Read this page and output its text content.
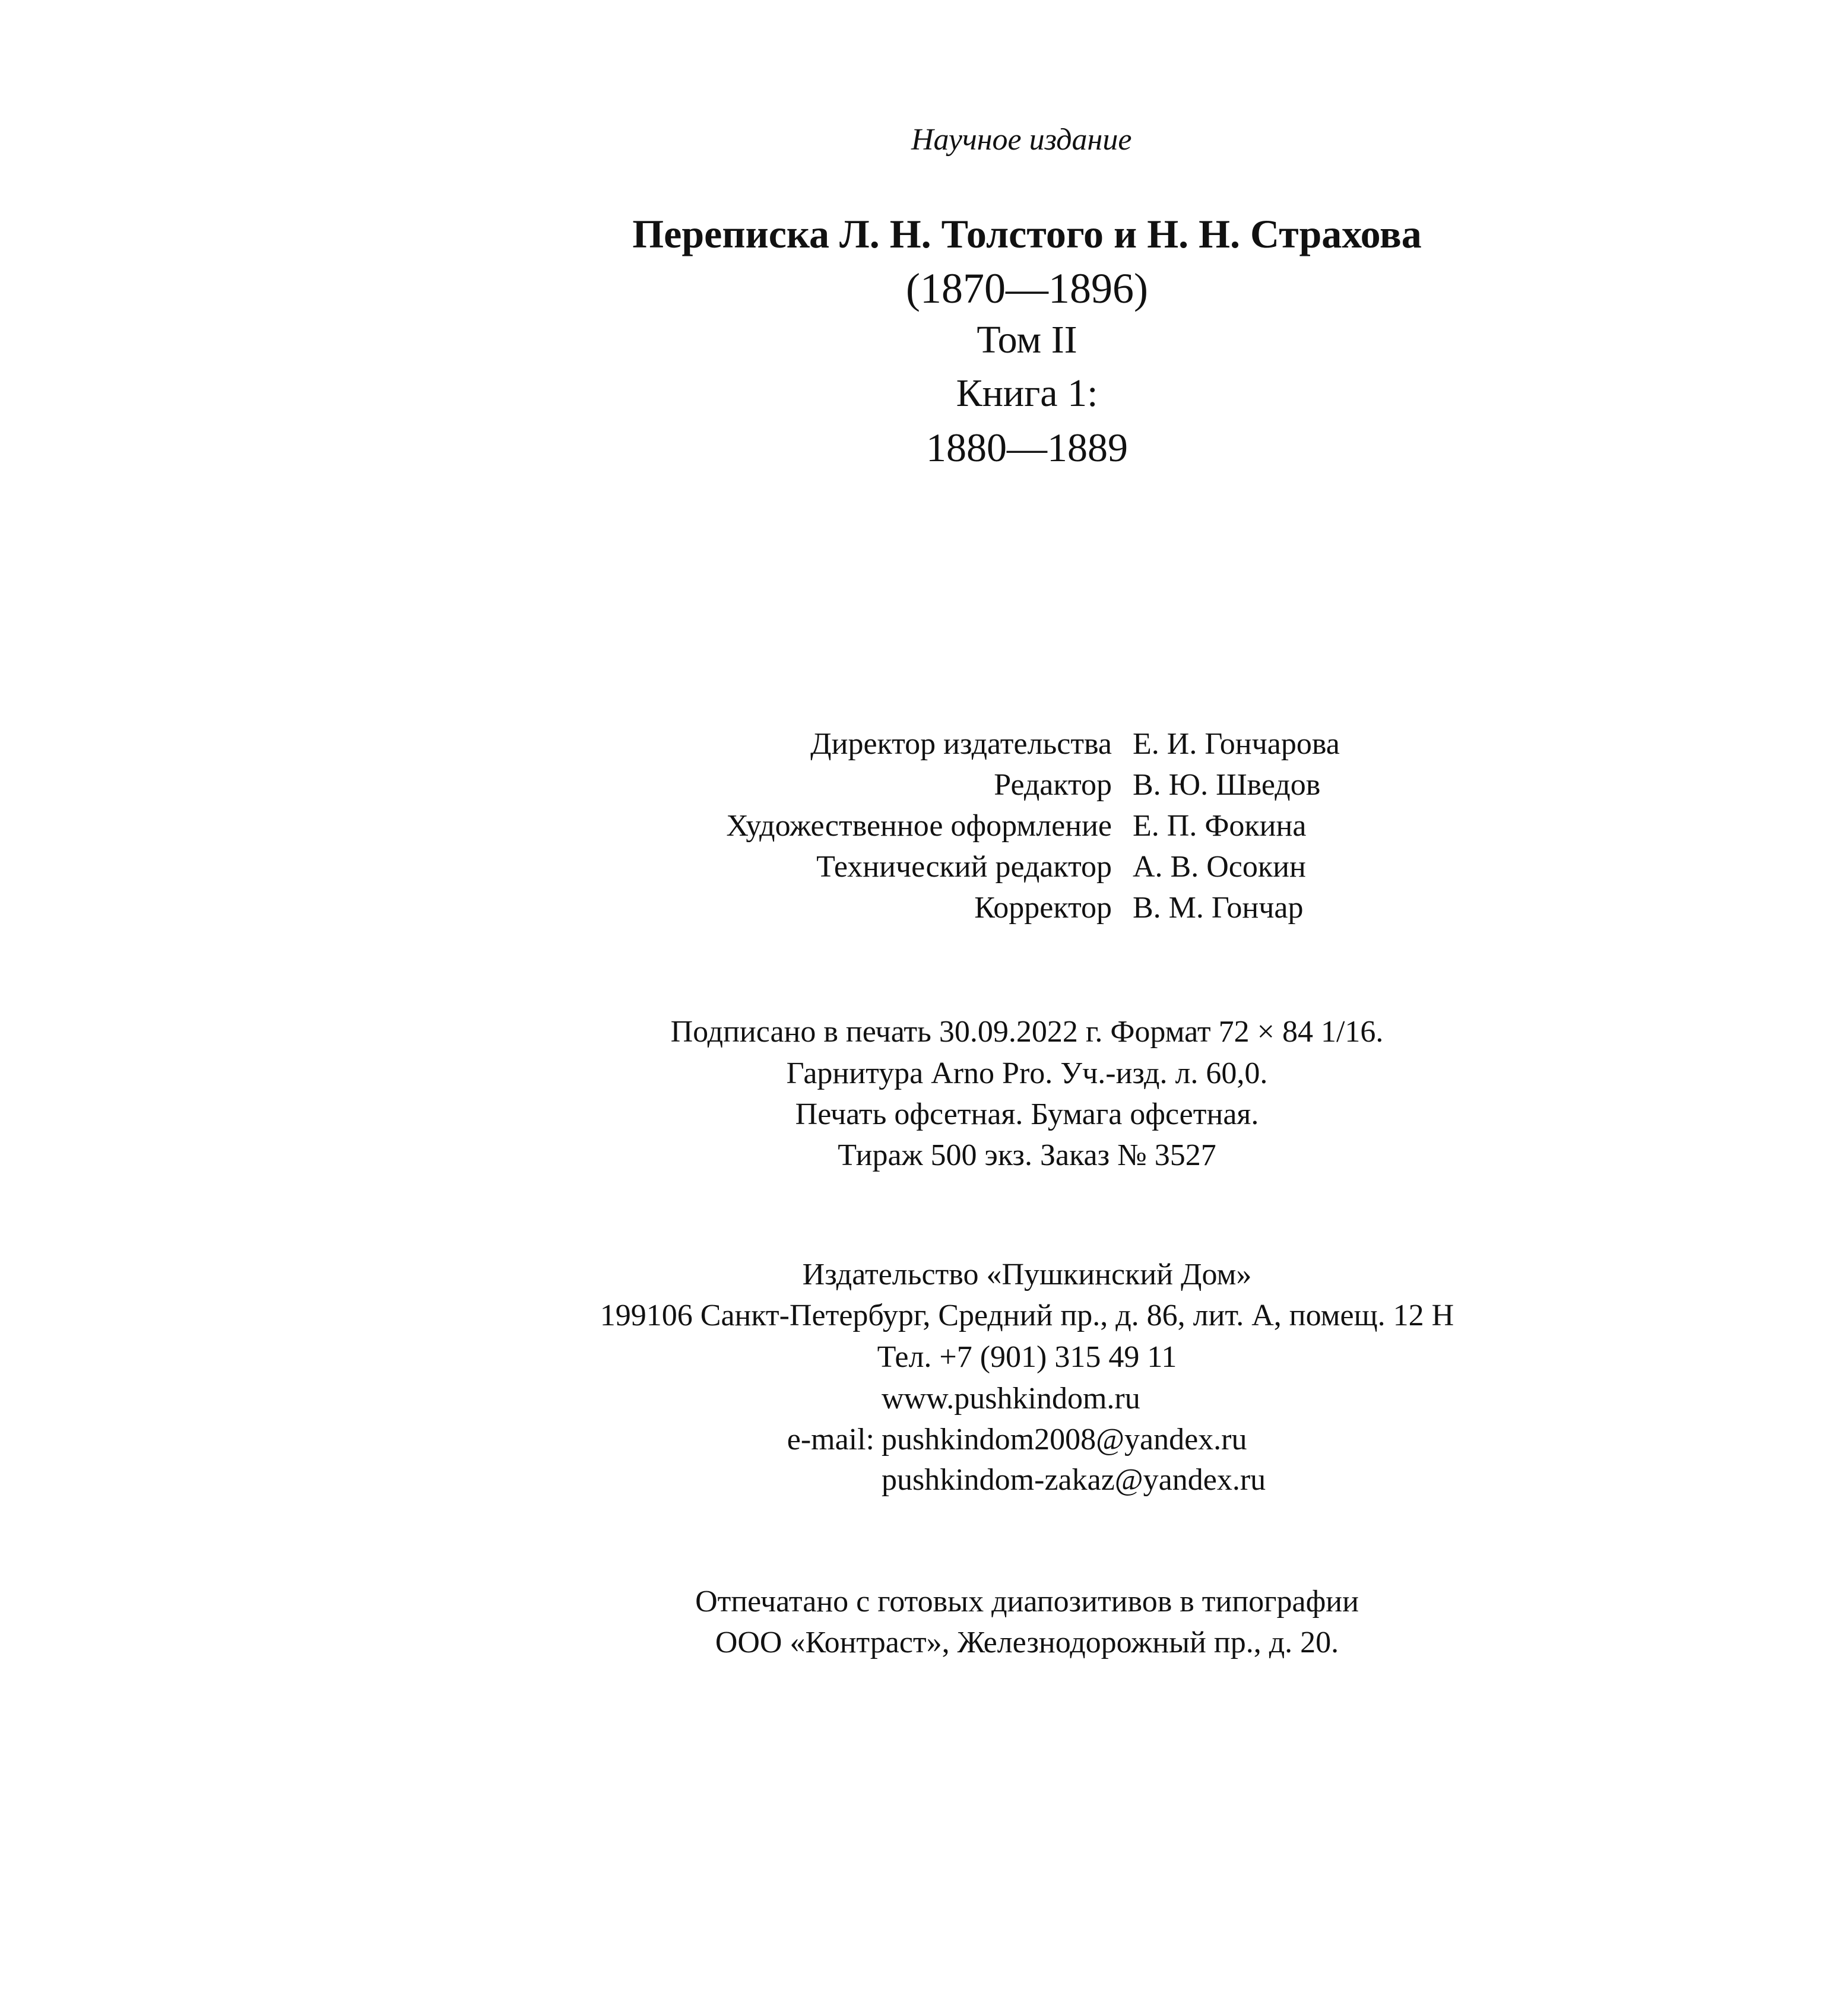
Научное издание
Переписка Л. Н. Толстого и Н. Н. Страхова
(1870—1896)
Том II
Книга 1:
1880—1889
Директор издательства Е. И. Гончарова
Редактор В. Ю. Шведов
Художественное оформление Е. П. Фокина
Технический редактор А. В. Осокин
Корректор В. М. Гончар
Подписано в печать 30.09.2022 г. Формат 72 × 84 1/16.
Гарнитура Arno Pro. Уч.-изд. л. 60,0.
Печать офсетная. Бумага офсетная.
Тираж 500 экз. Заказ № 3527
Издательство «Пушкинский Дом»
199106 Санкт-Петербург, Средний пр., д. 86, лит. А, помещ. 12 Н
Тел. +7 (901) 315 49 11
www.pushkindom.ru
e-mail: pushkindom2008@yandex.ru
pushkindom-zakaz@yandex.ru
Отпечатано с готовых диапозитивов в типографии
ООО «Контраст», Железнодорожный пр., д. 20.
